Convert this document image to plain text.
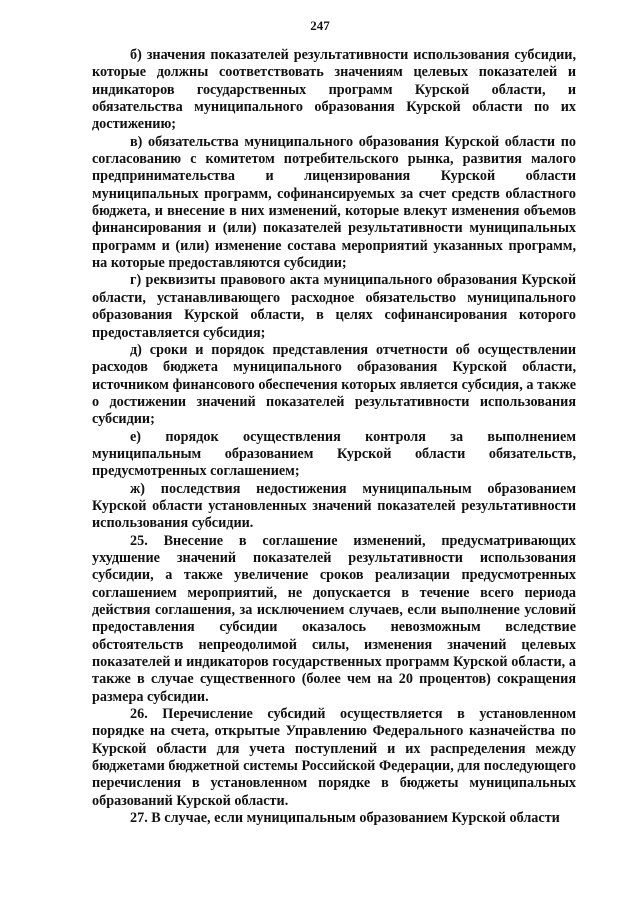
247

б) значения показателей результативности использования субсидии, которые должны соответствовать значениям целевых показателей и индикаторов государственных программ Курской области, и обязательства муниципального образования Курской области по их достижению;

в) обязательства муниципального образования Курской области по согласованию с комитетом потребительского рынка, развития малого предпринимательства и лицензирования Курской области муниципальных программ, софинансируемых за счет средств областного бюджета, и внесение в них изменений, которые влекут изменения объемов финансирования и (или) показателей результативности муниципальных программ и (или) изменение состава мероприятий указанных программ, на которые предоставляются субсидии;

г) реквизиты правового акта муниципального образования Курской области, устанавливающего расходное обязательство муниципального образования Курской области, в целях софинансирования которого предоставляется субсидия;

д) сроки и порядок представления отчетности об осуществлении расходов бюджета муниципального образования Курской области, источником финансового обеспечения которых является субсидия, а также о достижении значений показателей результативности использования субсидии;

е) порядок осуществления контроля за выполнением муниципальным образованием Курской области обязательств, предусмотренных соглашением;

ж) последствия недостижения муниципальным образованием Курской области установленных значений показателей результативности использования субсидии.

25. Внесение в соглашение изменений, предусматривающих ухудшение значений показателей результативности использования субсидии, а также увеличение сроков реализации предусмотренных соглашением мероприятий, не допускается в течение всего периода действия соглашения, за исключением случаев, если выполнение условий предоставления субсидии оказалось невозможным вследствие обстоятельств непреодолимой силы, изменения значений целевых показателей и индикаторов государственных программ Курской области, а также в случае существенного (более чем на 20 процентов) сокращения размера субсидии.

26. Перечисление субсидий осуществляется в установленном порядке на счета, открытые Управлению Федерального казначейства по Курской области для учета поступлений и их распределения между бюджетами бюджетной системы Российской Федерации, для последующего перечисления в установленном порядке в бюджеты муниципальных образований Курской области.

27. В случае, если муниципальным образованием Курской области
